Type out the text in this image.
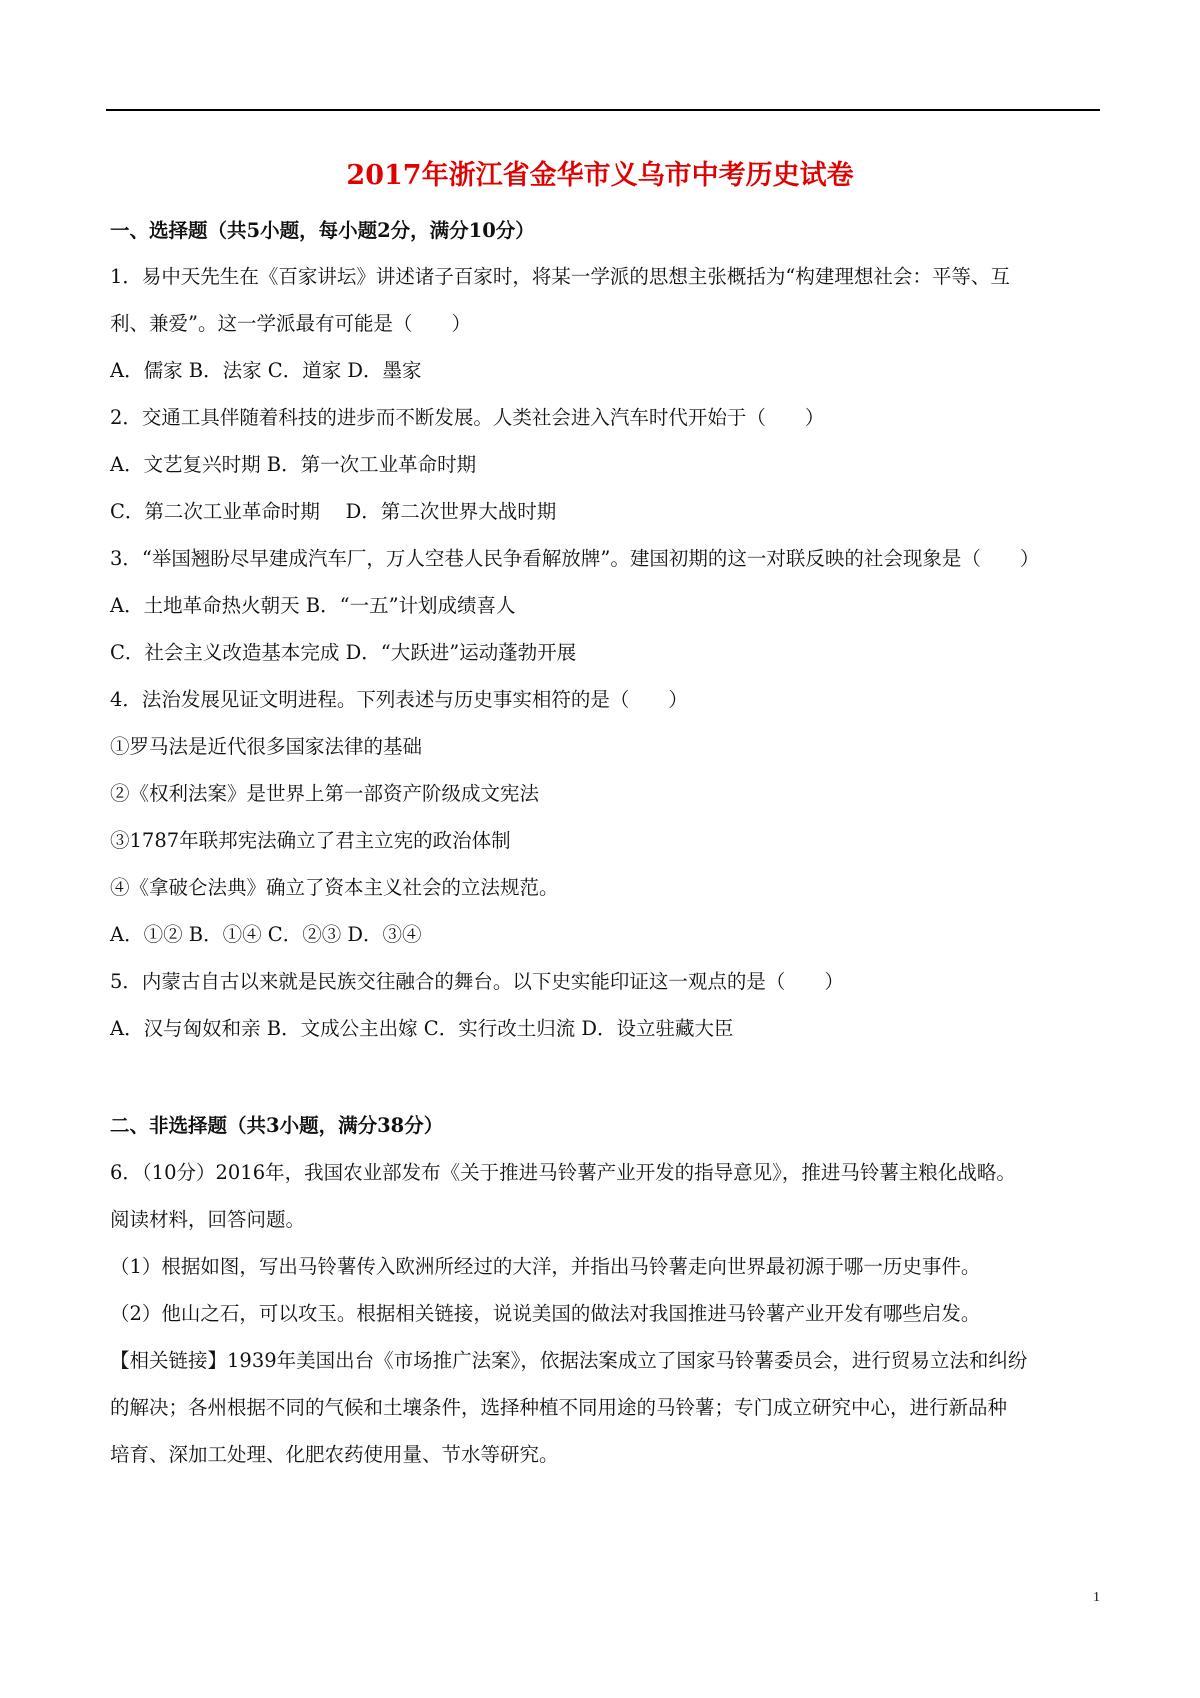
2017年浙江省金华市义乌市中考历史试卷
一、选择题（共5小题，每小题2分，满分10分）
1．易中天先生在《百家讲坛》讲述诸子百家时，将某一学派的思想主张概括为“构建理想社会：平等、互
利、兼爱”。这一学派最有可能是（　　）
A．儒家 B．法家 C．道家 D．墨家
2．交通工具伴随着科技的进步而不断发展。人类社会进入汽车时代开始于（　　）
A．文艺复兴时期 B．第一次工业革命时期
C．第二次工业革命时期　 D．第二次世界大战时期
3．“举国翘盼尽早建成汽车厂，万人空巷人民争看解放牌”。建国初期的这一对联反映的社会现象是（　　）
A．土地革命热火朝天 B．“一五”计划成绩喜人
C．社会主义改造基本完成 D．“大跃进”运动蓬勃开展
4．法治发展见证文明进程。下列表述与历史事实相符的是（　　）
①罗马法是近代很多国家法律的基础
②《权利法案》是世界上第一部资产阶级成文宪法
③1787年联邦宪法确立了君主立宪的政治体制
④《拿破仑法典》确立了资本主义社会的立法规范。
A．①② B．①④ C．②③ D．③④
5．内蒙古自古以来就是民族交往融合的舞台。以下史实能印证这一观点的是（　　）
A．汉与匈奴和亲 B．文成公主出嫁 C．实行改土归流 D．设立驻藏大臣
二、非选择题（共3小题，满分38分）
6．（10分）2016年，我国农业部发布《关于推进马铃薯产业开发的指导意见》，推进马铃薯主粮化战略。
阅读材料，回答问题。
（1）根据如图，写出马铃薯传入欧洲所经过的大洋，并指出马铃薯走向世界最初源于哪一历史事件。
（2）他山之石，可以攻玉。根据相关链接，说说美国的做法对我国推进马铃薯产业开发有哪些启发。
【相关链接】1939年美国出台《市场推广法案》，依据法案成立了国家马铃薯委员会，进行贸易立法和纠纷
的解决；各州根据不同的气候和土壤条件，选择种植不同用途的马铃薯；专门成立研究中心，进行新品种
培育、深加工处理、化肥农药使用量、节水等研究。
1
